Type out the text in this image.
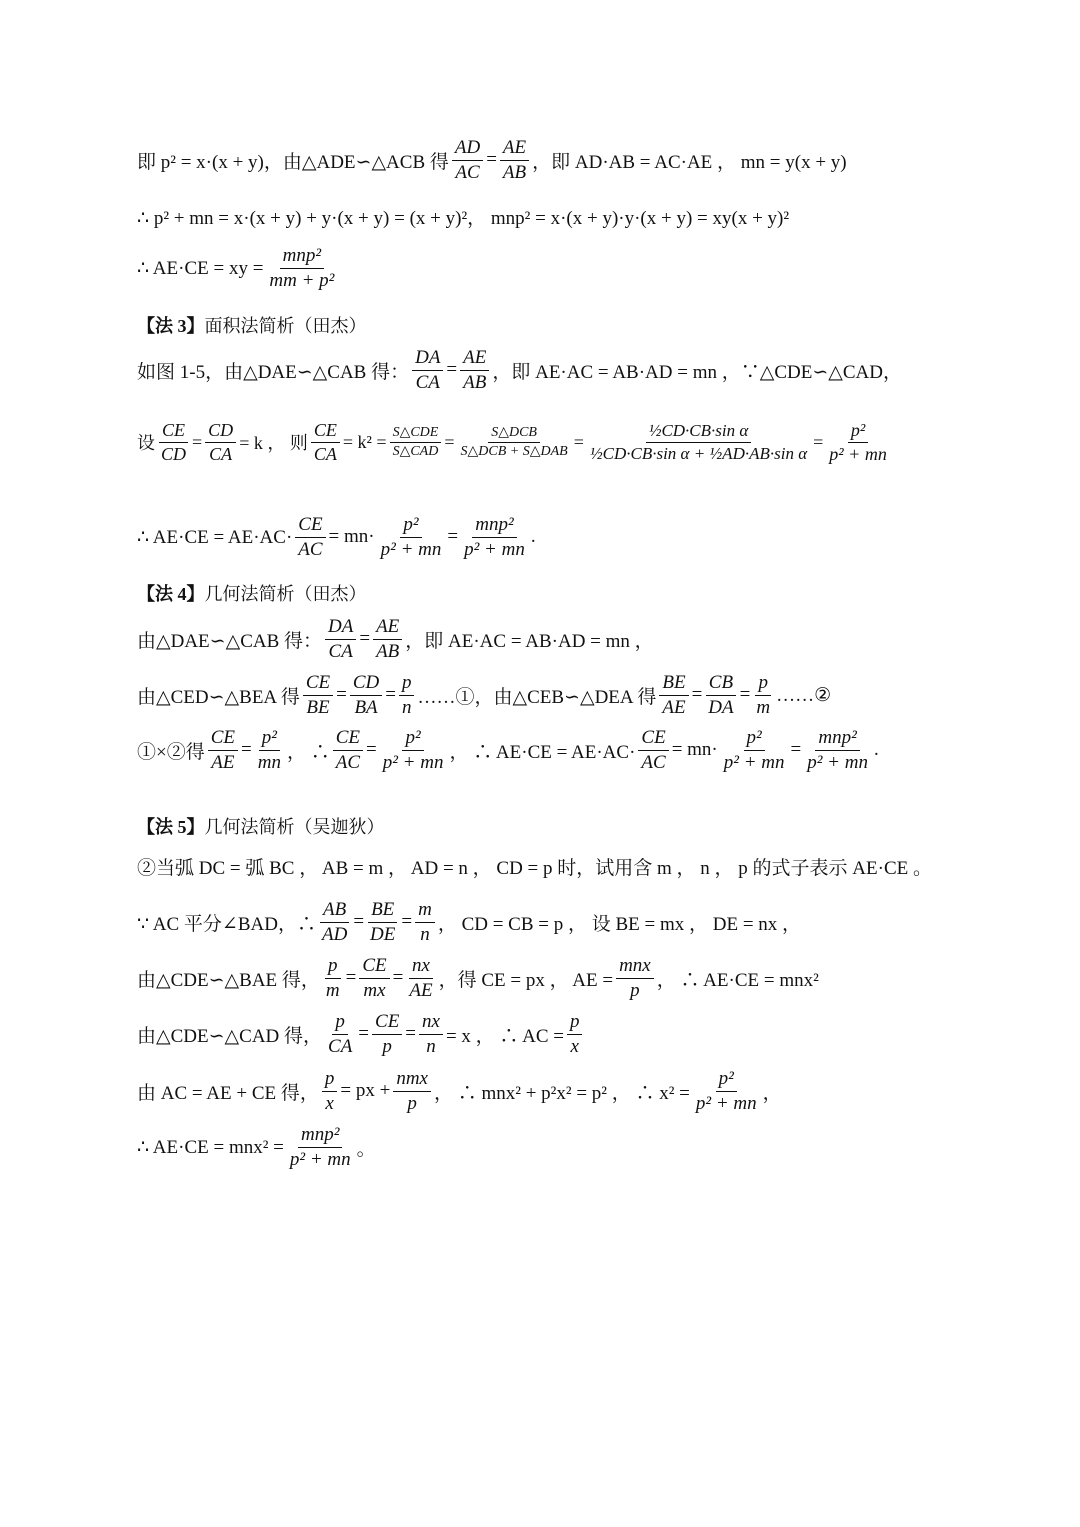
即 p² = x·(x + y)，由△ADE∽△ACB 得 $\frac{AD}{AC} = \frac{AE}{AB}$ ，即 AD·AB = AC·AE ， mn = y(x + y)
∴ p² + mn = x·(x + y) + y·(x + y) = (x + y)²， mnp² = x·(x + y)·y·(x + y) = xy(x + y)²
∴ AE·CE = xy = $\frac{\text{mnp²}}{\text{mm + p²}}$
【法 3】 面积法简析（田杰）
如图 1-5，由△DAE∽△CAB 得： $\frac{DA}{CA} = \frac{AE}{AB}$ ，即 AE·AC = AB·AD = mn ，∵△CDE∽△CAD，
设 $\frac{CE}{CD} = \frac{CD}{CA} = k$ ， 则 $\frac{CE}{CA} = k^2 = \frac{\text{S△CDE}}{\text{S△CAD}} = \frac{\text{S△DCB}}{\text{S△DCB + S△DAB}} = \frac{\text{½CD·CB·sin α}}{\text{½CD·CB·sin α + ½AD·AB·sin α}} = \frac{\text{p²}}{\text{p² + mn}}$
∴ $AE\cdot CE = AE\cdot AC\cdot \frac{CE}{AC} = mn\cdot \frac{\text{p²}}{\text{p² + mn}} = \frac{\text{mnp²}}{\text{p² + mn}}$ .
【法 4】 几何法简析（田杰）
由△DAE∽△CAB 得： $\frac{DA}{CA} = \frac{AE}{AB}$ ，即 AE·AC = AB·AD = mn ，
由△CED∽△BEA 得 $\frac{CE}{BE} = \frac{CD}{BA} = \frac{p}{n}$ ……①，由△CEB∽△DEA 得 $\frac{BE}{AE} = \frac{CB}{DA} = \frac{p}{m}$ ……②
①×②得 $\frac{CE}{AE} = \frac{\text{p²}}{mn}$ ， ∴ $\frac{CE}{AC} = \frac{\text{p²}}{\text{p² + mn}}$ ， ∴ $AE\cdot CE = AE\cdot AC\cdot \frac{CE}{AC} = mn\cdot \frac{\text{p²}}{\text{p² + mn}} = \frac{\text{mnp²}}{\text{p² + mn}}$ .
【法 5】 几何法简析（吴迦狄）
②当弧 DC = 弧 BC ， AB = m ， AD = n ， CD = p 时，试用含 m ， n ， p 的式子表示 AE·CE 。
∵ AC 平分∠BAD，∴ $\frac{AB}{AD} = \frac{BE}{DE} = \frac{m}{n}$ ， CD = CB = p ， 设 BE = mx ， DE = nx ，
由△CDE∽△BAE 得， $\frac{p}{m} = \frac{CE}{mx} = \frac{nx}{AE}$ ，得 CE = px ， AE = $\frac{\text{mnx}}{p}$ ， ∴ AE·CE = mnx²
由△CDE∽△CAD 得， $\frac{p}{CA} = \frac{CE}{p} = \frac{nx}{n} = x$ ， ∴ AC = $\frac{p}{x}$
由 AC = AE + CE 得， $\frac{p}{x}$ = px + $\frac{\text{nmx}}{p}$ ， ∴ mnx² + p²x² = p² ， ∴ $x^2 = \frac{\text{p²}}{\text{p² + mn}}$ ，
∴ $AE\cdot CE = mnx^2 = \frac{\text{mnp²}}{\text{p² + mn}}$ 。
